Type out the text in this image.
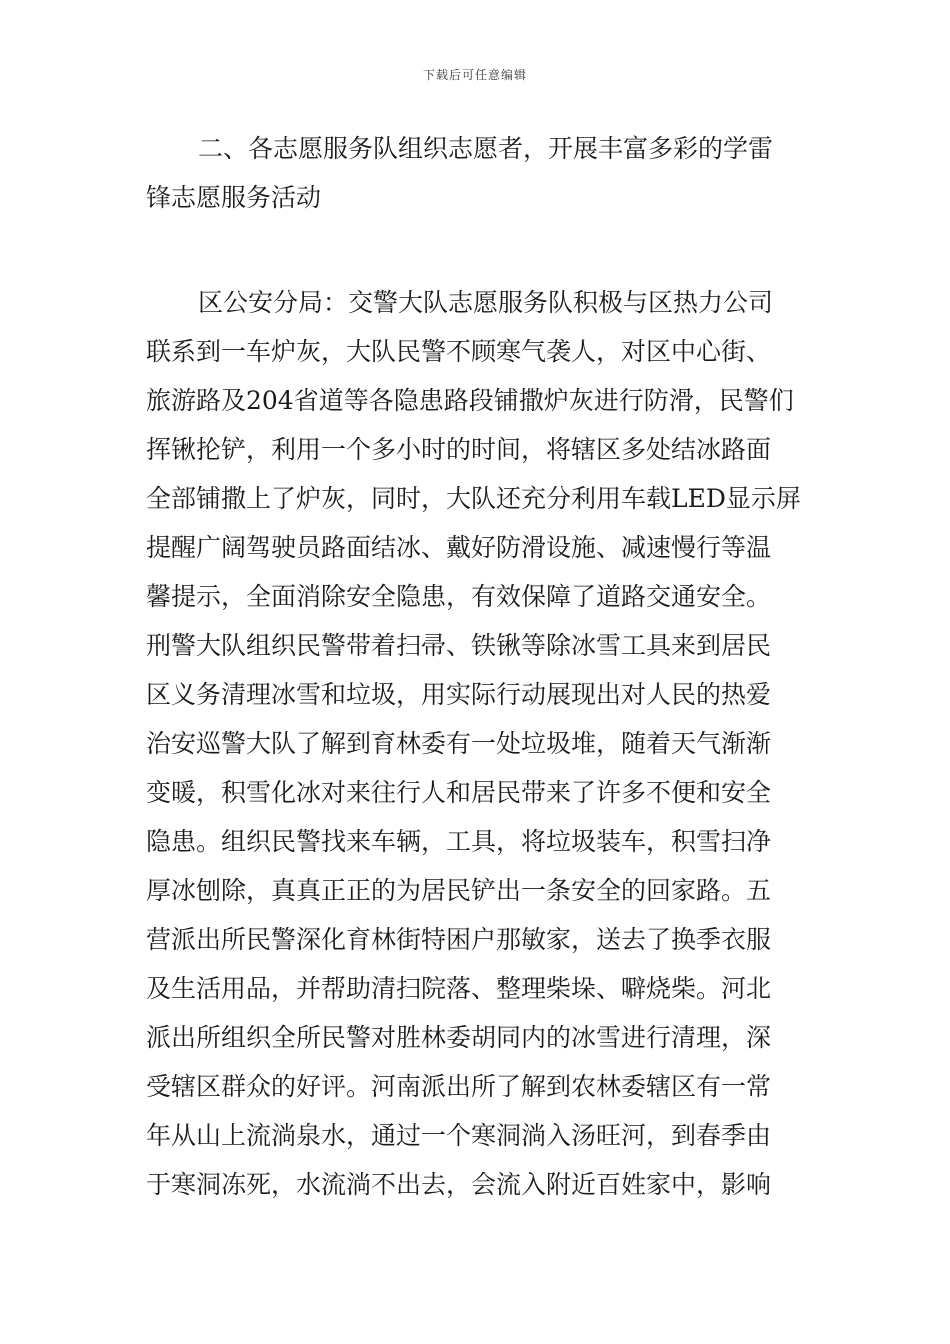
下载后可任意编辑
二、各志愿服务队组织志愿者，开展丰富多彩的学雷
锋志愿服务活动
区公安分局：交警大队志愿服务队积极与区热力公司
联系到一车炉灰，大队民警不顾寒气袭人，对区中心街、
旅游路及204省道等各隐患路段铺撒炉灰进行防滑，民警们
挥锹抡铲，利用一个多小时的时间，将辖区多处结冰路面
全部铺撒上了炉灰，同时，大队还充分利用车载LED显示屏
提醒广阔驾驶员路面结冰、戴好防滑设施、减速慢行等温
馨提示，全面消除安全隐患，有效保障了道路交通安全。
刑警大队组织民警带着扫帚、铁锹等除冰雪工具来到居民
区义务清理冰雪和垃圾，用实际行动展现出对人民的热爱
治安巡警大队了解到育林委有一处垃圾堆，随着天气渐渐
变暖，积雪化冰对来往行人和居民带来了许多不便和安全
隐患。组织民警找来车辆，工具，将垃圾装车，积雪扫净
厚冰刨除，真真正正的为居民铲出一条安全的回家路。五
营派出所民警深化育林街特困户那敏家，送去了换季衣服
及生活用品，并帮助清扫院落、整理柴垛、噼烧柴。河北
派出所组织全所民警对胜林委胡同内的冰雪进行清理，深
受辖区群众的好评。河南派出所了解到农林委辖区有一常
年从山上流淌泉水，通过一个寒洞淌入汤旺河，到春季由
于寒洞冻死，水流淌不出去，会流入附近百姓家中，影响
